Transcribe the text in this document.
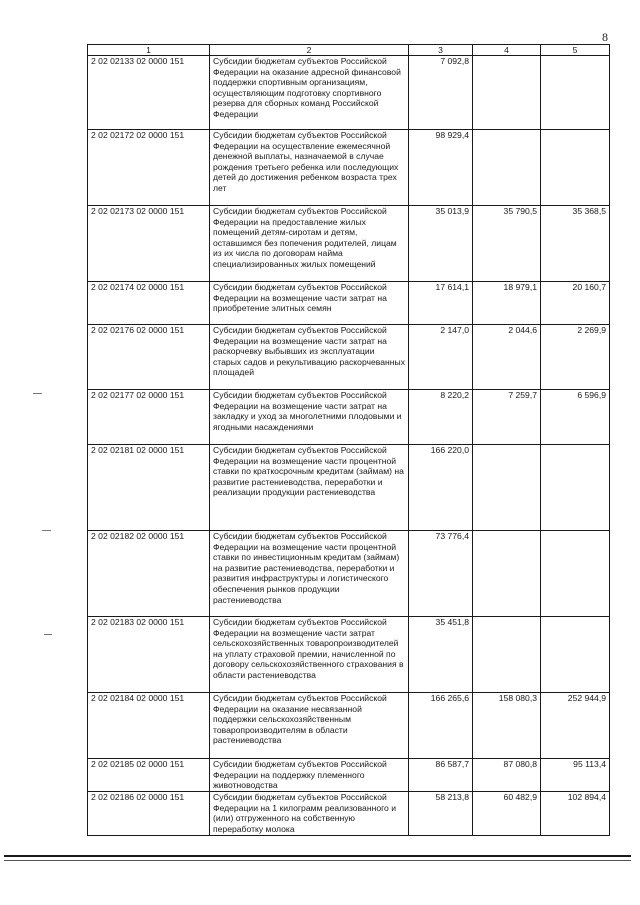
8
1	2	3	4	5
2 02 02133 02 0000 151	Субсидии бюджетам субъектов Российской Федерации на оказание адресной финансовой поддержки спортивным организациям, осуществляющим подготовку спортивного резерва для сборных команд Российской Федерации	7 092,8		
2 02 02172 02 0000 151	Субсидии бюджетам субъектов Российской Федерации на осуществление ежемесячной денежной выплаты, назначаемой в случае рождения третьего ребенка или последующих детей до достижения ребенком возраста трех лет	98 929,4		
2 02 02173 02 0000 151	Субсидии бюджетам субъектов Российской Федерации на предоставление жилых помещений детям-сиротам и детям, оставшимся без попечения родителей, лицам из их числа по договорам найма специализированных жилых помещений	35 013,9	35 790,5	35 368,5
2 02 02174 02 0000 151	Субсидии бюджетам субъектов Российской Федерации на возмещение части затрат на приобретение элитных семян	17 614,1	18 979,1	20 160,7
2 02 02176 02 0000 151	Субсидии бюджетам субъектов Российской Федерации на возмещение части затрат на раскорчевку выбывших из эксплуатации старых садов и рекультивацию раскорчеванных площадей	2 147,0	2 044,6	2 269,9
2 02 02177 02 0000 151	Субсидии бюджетам субъектов Российской Федерации на возмещение части затрат на закладку и уход за многолетними плодовыми и ягодными насаждениями	8 220,2	7 259,7	6 596,9
2 02 02181 02 0000 151	Субсидии бюджетам субъектов Российской Федерации на возмещение части процентной ставки по краткосрочным кредитам (займам) на развитие растениеводства, переработки и реализации продукции растениеводства	166 220,0		
2 02 02182 02 0000 151	Субсидии бюджетам субъектов Российской Федерации на возмещение части процентной ставки по инвестиционным кредитам (займам) на развитие растениеводства, переработки и развития инфраструктуры и логистического обеспечения рынков продукции растениеводства	73 776,4		
2 02 02183 02 0000 151	Субсидии бюджетам субъектов Российской Федерации на возмещение части затрат сельскохозяйственных товаропроизводителей на уплату страховой премии, начисленной по договору сельскохозяйственного страхования в области растениеводства	35 451,8		
2 02 02184 02 0000 151	Субсидии бюджетам субъектов Российской Федерации на оказание несвязанной поддержки сельскохозяйственным товаропроизводителям в области растениеводства	166 265,6	158 080,3	252 944,9
2 02 02185 02 0000 151	Субсидии бюджетам субъектов Российской Федерации на поддержку племенного животноводства	86 587,7	87 080,8	95 113,4
2 02 02186 02 0000 151	Субсидии бюджетам субъектов Российской Федерации на 1 килограмм реализованного и (или) отгруженного на собственную переработку молока	58 213,8	60 482,9	102 894,4
